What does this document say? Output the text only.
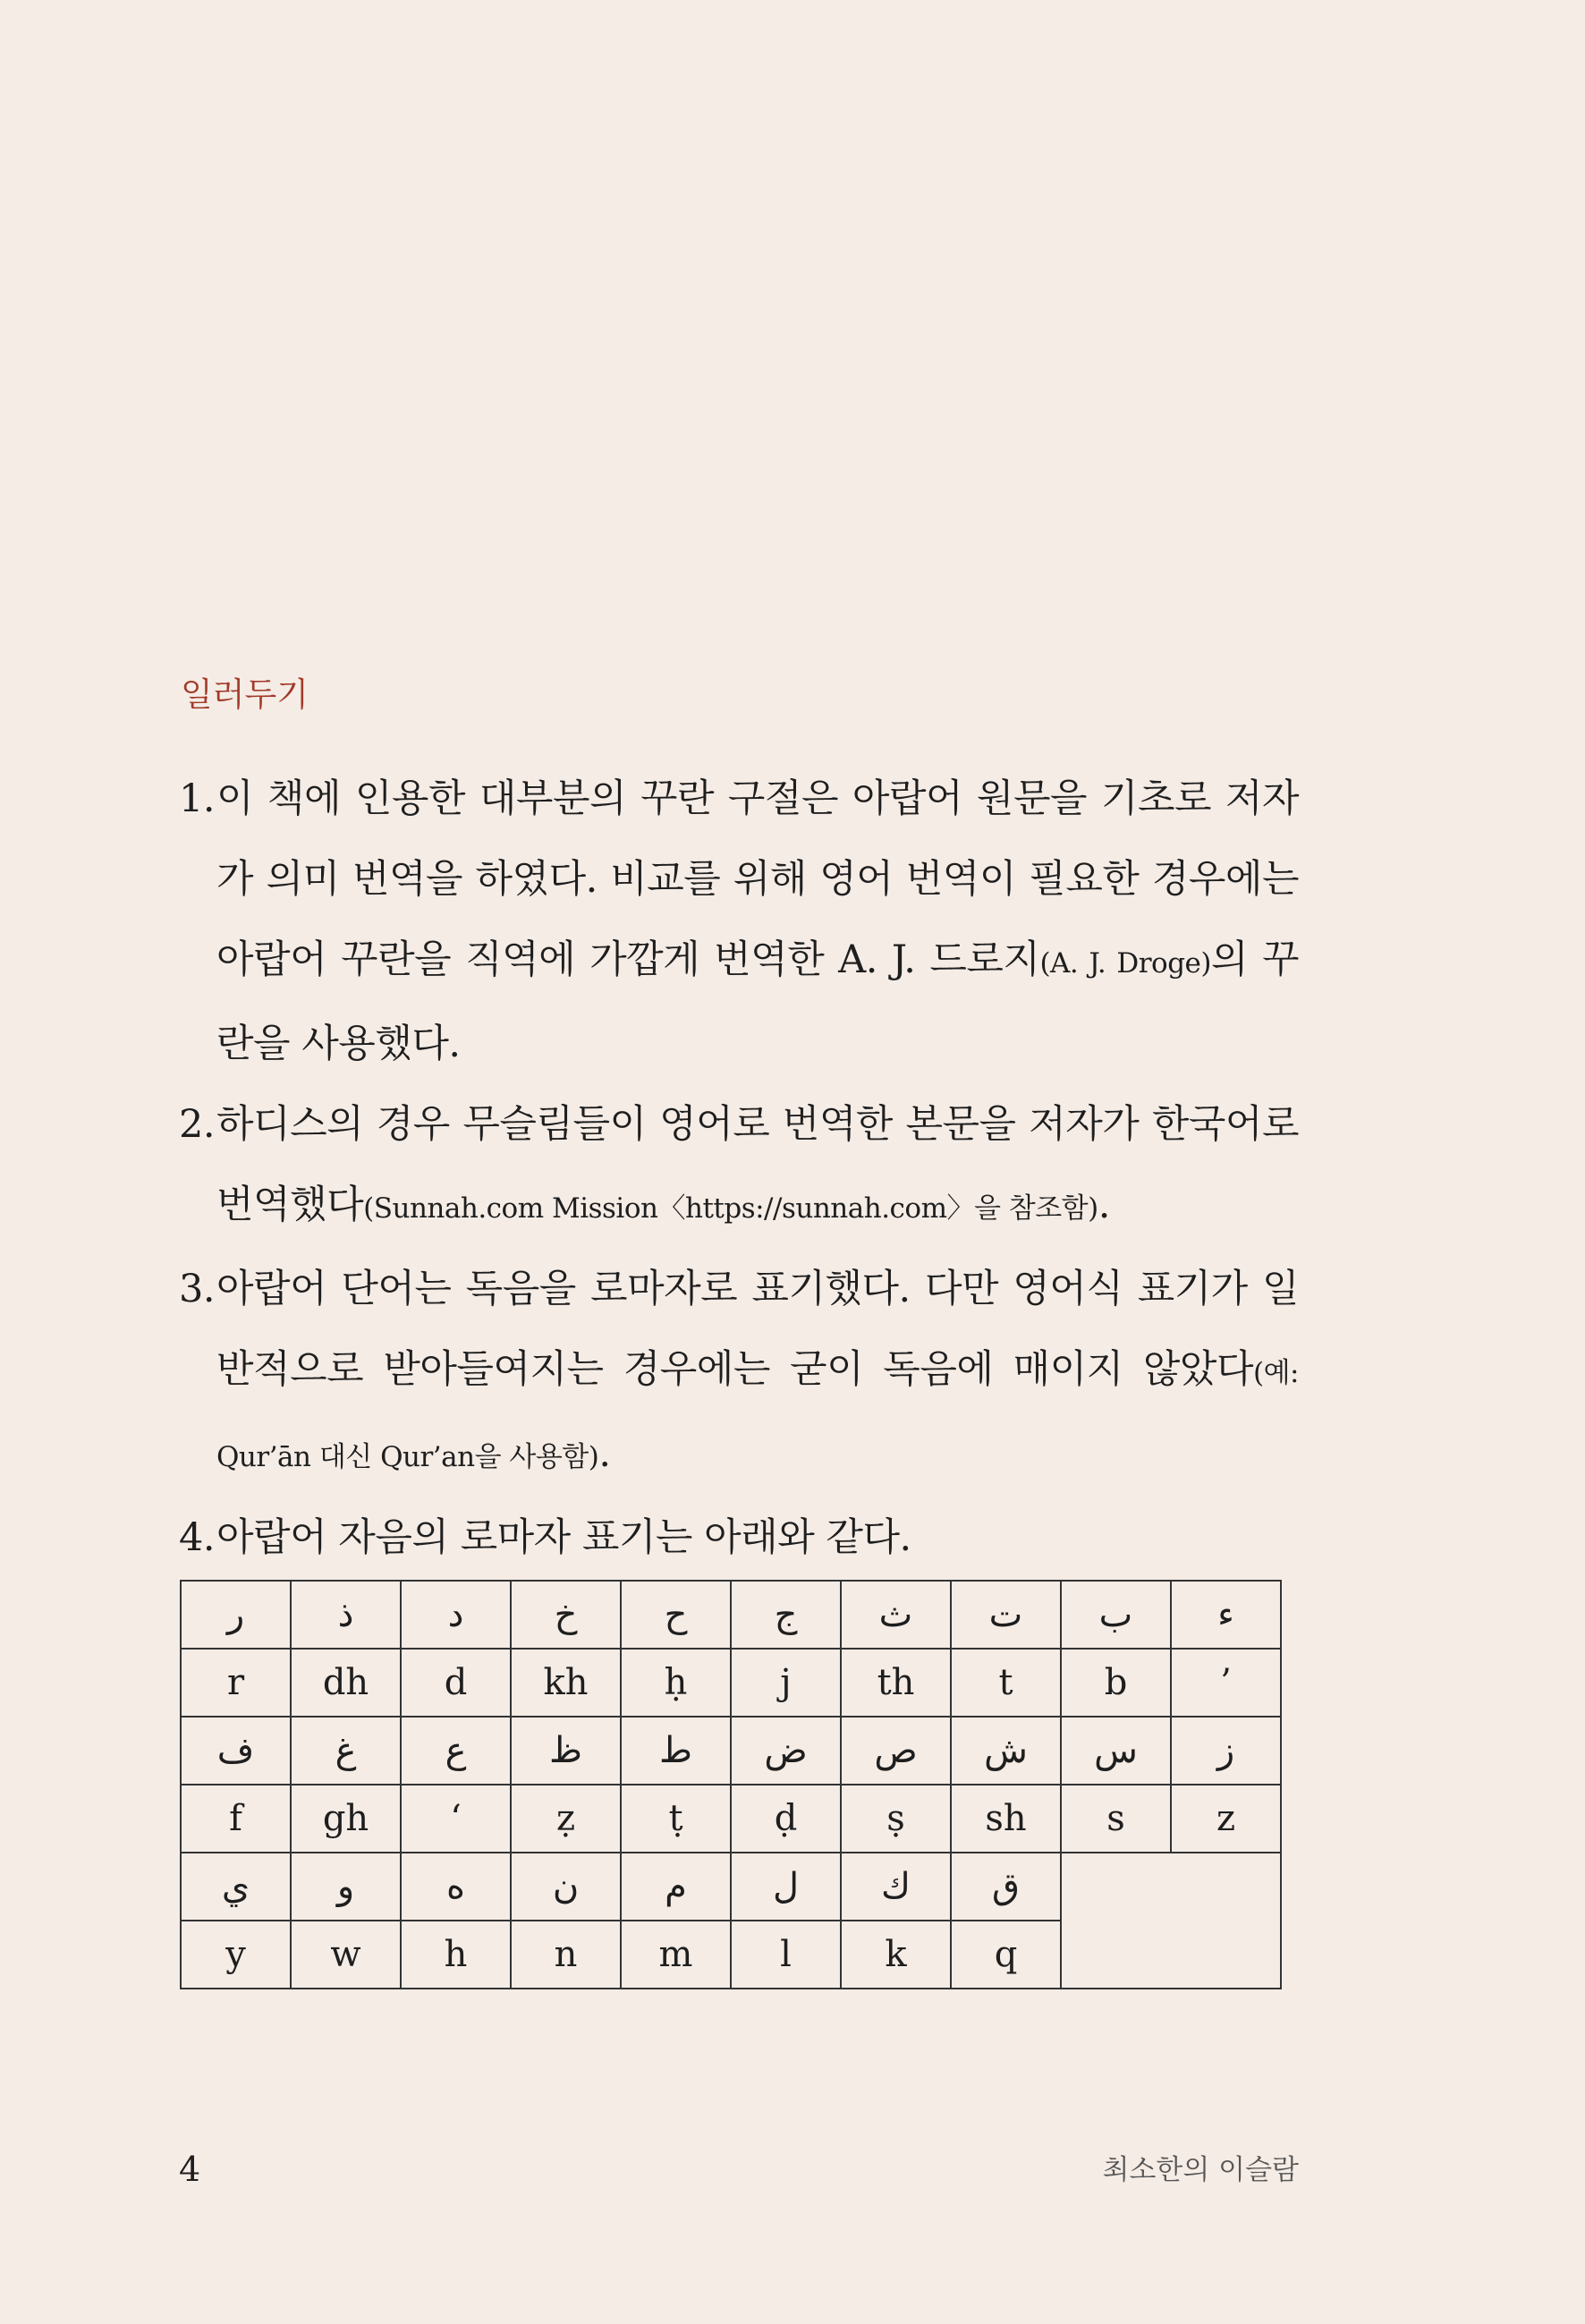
일러두기
1. 이 책에 인용한 대부분의 꾸란 구절은 아랍어 원문을 기초로 저자가 의미 번역을 하였다. 비교를 위해 영어 번역이 필요한 경우에는 아랍어 꾸란을 직역에 가깝게 번역한 A. J. 드로지(A. J. Droge)의 꾸란을 사용했다.
2. 하디스의 경우 무슬림들이 영어로 번역한 본문을 저자가 한국어로 번역했다(Sunnah.com Mission〈https://sunnah.com〉을 참조함).
3. 아랍어 단어는 독음을 로마자로 표기했다. 다만 영어식 표기가 일반적으로 받아들여지는 경우에는 굳이 독음에 매이지 않았다(예: Qur’ān 대신 Qur’an을 사용함).
4. 아랍어 자음의 로마자 표기는 아래와 같다.
ر	ذ	د	خ	ح	ج	ث	ت	ب	ء
r	dh	d	kh	ḥ	j	th	t	b	’
ف	غ	ع	ظ	ط	ض	ص	ش	س	ز
f	gh	‘	ẓ	ṭ	ḍ	ṣ	sh	s	z
ي	و	ه	ن	م	ل	ك	ق		
y	w	h	n	m	l	k	q		
4	최소한의 이슬람
